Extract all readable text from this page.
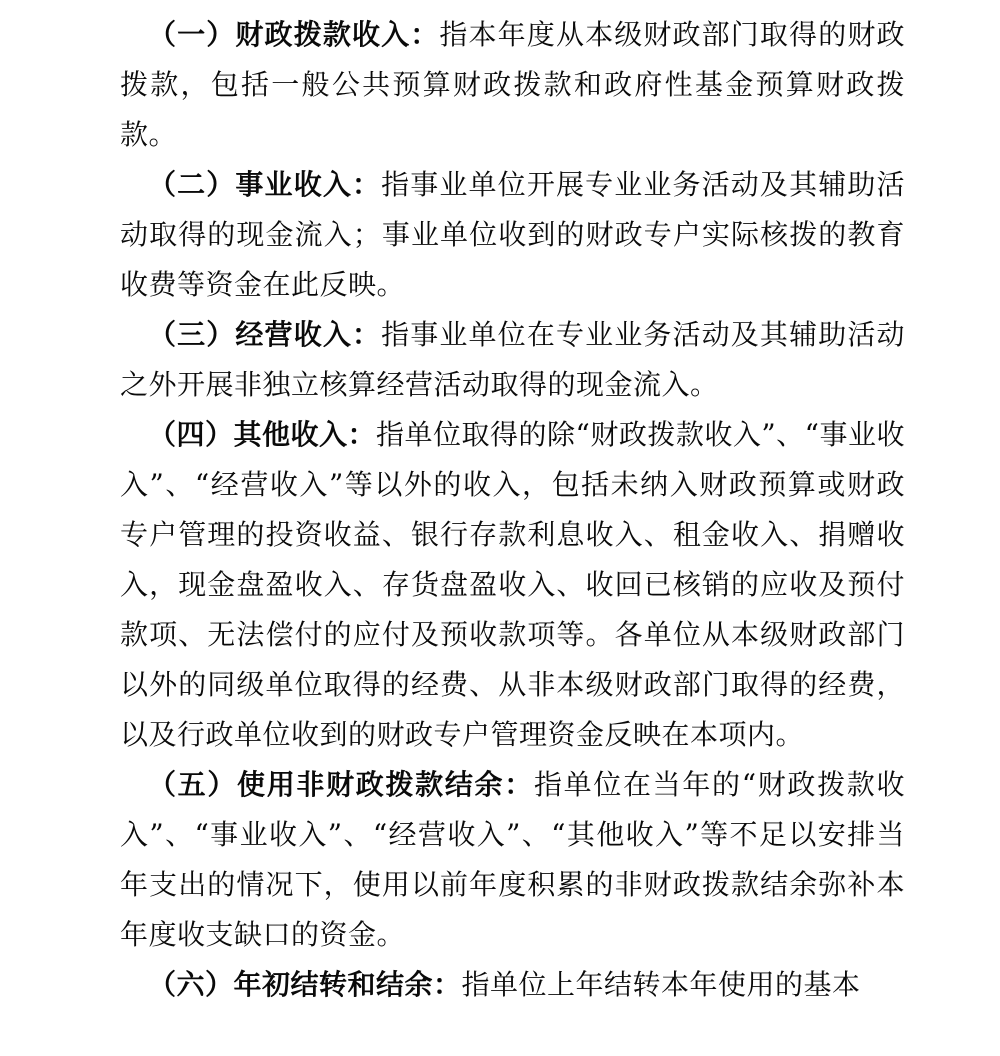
（一）财政拨款收入：指本年度从本级财政部门取得的财政拨款，包括一般公共预算财政拨款和政府性基金预算财政拨款。

（二）事业收入：指事业单位开展专业业务活动及其辅助活动取得的现金流入；事业单位收到的财政专户实际核拨的教育收费等资金在此反映。

（三）经营收入：指事业单位在专业业务活动及其辅助活动之外开展非独立核算经营活动取得的现金流入。

（四）其他收入：指单位取得的除“财政拨款收入”、“事业收入”、“经营收入”等以外的收入，包括未纳入财政预算或财政专户管理的投资收益、银行存款利息收入、租金收入、捐赠收入，现金盘盈收入、存货盘盈收入、收回已核销的应收及预付款项、无法偿付的应付及预收款项等。各单位从本级财政部门以外的同级单位取得的经费、从非本级财政部门取得的经费，以及行政单位收到的财政专户管理资金反映在本项内。

（五）使用非财政拨款结余：指单位在当年的“财政拨款收入”、“事业收入”、“经营收入”、“其他收入”等不足以安排当年支出的情况下，使用以前年度积累的非财政拨款结余弥补本年度收支缺口的资金。

（六）年初结转和结余：指单位上年结转本年使用的基本
